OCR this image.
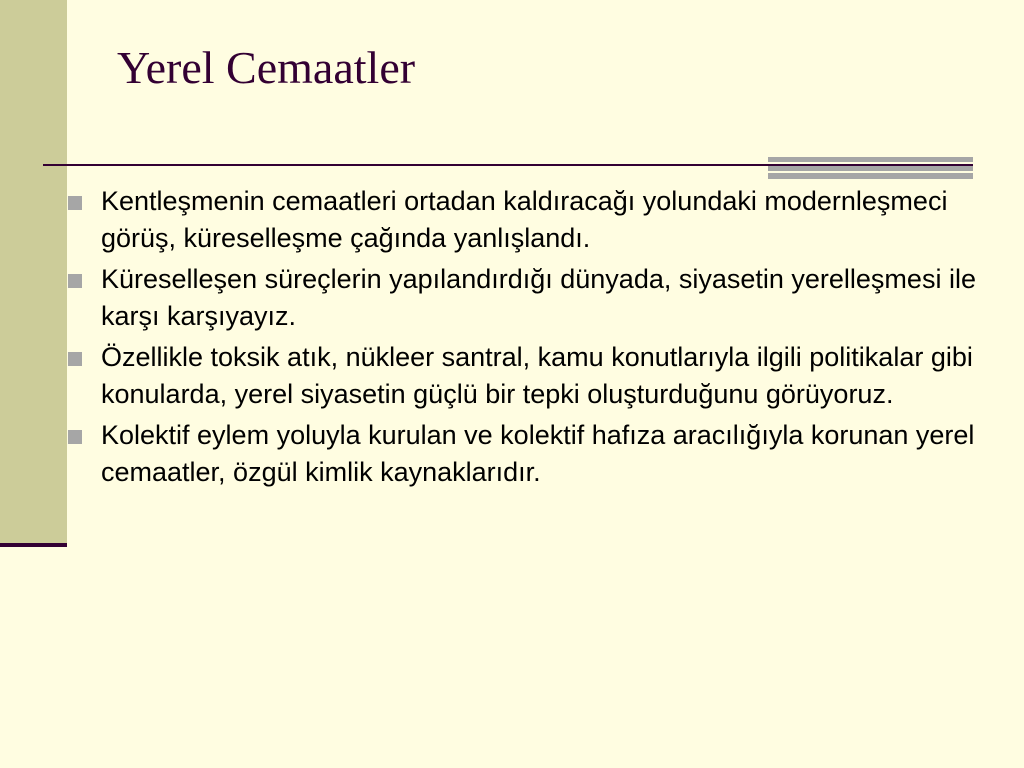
Yerel Cemaatler
Kentleşmenin cemaatleri ortadan kaldıracağı yolundaki modernleşmeci görüş, küreselleşme çağında yanlışlandı.
Küreselleşen süreçlerin yapılandırdığı dünyada, siyasetin yerelleşmesi ile karşı karşıyayız.
Özellikle toksik atık, nükleer santral, kamu konutlarıyla ilgili politikalar gibi konularda, yerel siyasetin güçlü bir tepki oluşturduğunu görüyoruz.
Kolektif eylem yoluyla kurulan ve kolektif hafıza aracılığıyla korunan yerel cemaatler, özgül kimlik kaynaklarıdır.
